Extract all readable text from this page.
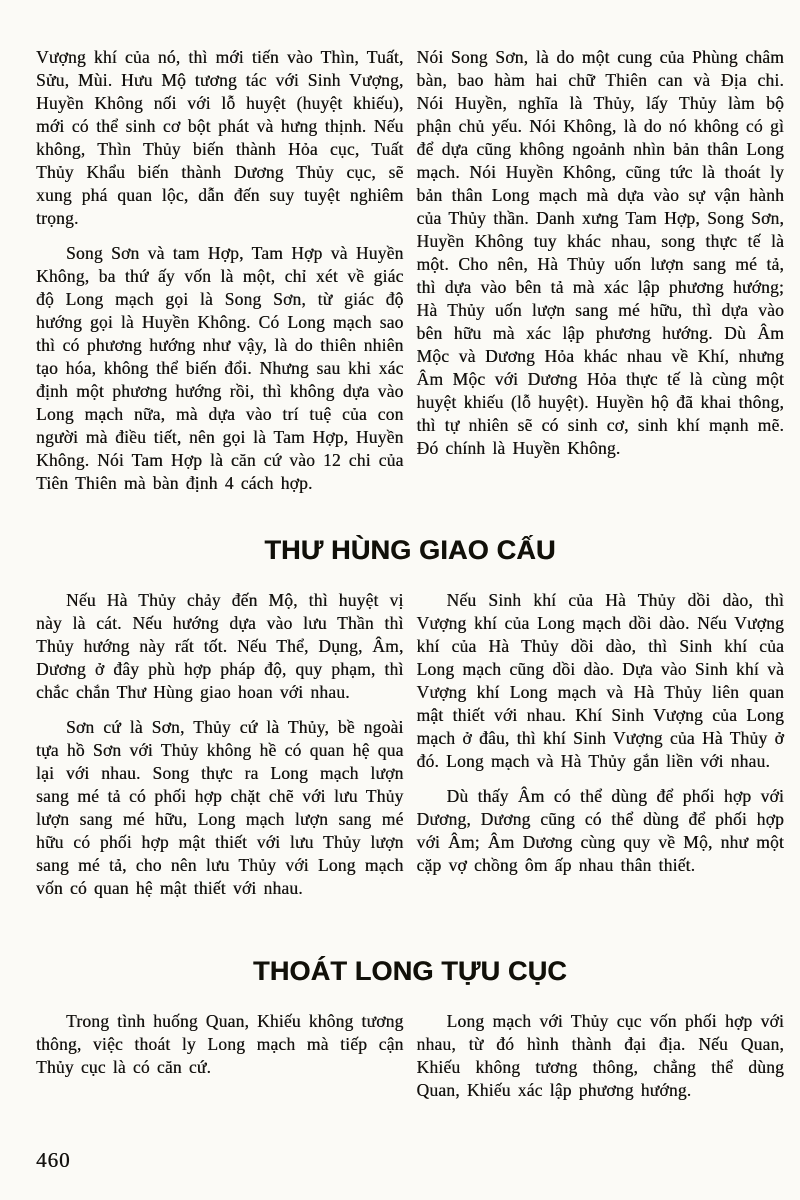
Vượng khí của nó, thì mới tiến vào Thìn, Tuất, Sửu, Mùi. Hưu Mộ tương tác với Sinh Vượng, Huyền Không nối với lỗ huyệt (huyệt khiếu), mới có thể sinh cơ bột phát và hưng thịnh. Nếu không, Thìn Thủy biến thành Hỏa cục, Tuất Thủy Khẩu biến thành Dương Thủy cục, sẽ xung phá quan lộc, dẫn đến suy tuyệt nghiêm trọng.

Song Sơn và tam Hợp, Tam Hợp và Huyền Không, ba thứ ấy vốn là một, chỉ xét về giác độ Long mạch gọi là Song Sơn, từ giác độ hướng gọi là Huyền Không. Có Long mạch sao thì có phương hướng như vậy, là do thiên nhiên tạo hóa, không thể biến đổi. Nhưng sau khi xác định một phương hướng rồi, thì không dựa vào Long mạch nữa, mà dựa vào trí tuệ của con người mà điều tiết, nên gọi là Tam Hợp, Huyền Không. Nói Tam Hợp là căn cứ vào 12 chi của Tiên Thiên mà bàn định 4 cách hợp.

Nói Song Sơn, là do một cung của Phùng châm bàn, bao hàm hai chữ Thiên can và Địa chi. Nói Huyền, nghĩa là Thủy, lấy Thủy làm bộ phận chủ yếu. Nói Không, là do nó không có gì để dựa cũng không ngoảnh nhìn bản thân Long mạch. Nói Huyền Không, cũng tức là thoát ly bản thân Long mạch mà dựa vào sự vận hành của Thủy thần. Danh xưng Tam Hợp, Song Sơn, Huyền Không tuy khác nhau, song thực tế là một. Cho nên, Hà Thủy uốn lượn sang mé tả, thì dựa vào bên tả mà xác lập phương hướng; Hà Thủy uốn lượn sang mé hữu, thì dựa vào bên hữu mà xác lập phương hướng. Dù Âm Mộc và Dương Hỏa khác nhau về Khí, nhưng Âm Mộc với Dương Hỏa thực tế là cùng một huyệt khiếu (lỗ huyệt). Huyền hộ đã khai thông, thì tự nhiên sẽ có sinh cơ, sinh khí mạnh mẽ. Đó chính là Huyền Không.

THƯ HÙNG GIAO CẤU

Nếu Hà Thủy chảy đến Mộ, thì huyệt vị này là cát. Nếu hướng dựa vào lưu Thần thì Thủy hướng này rất tốt. Nếu Thể, Dụng, Âm, Dương ở đây phù hợp pháp độ, quy phạm, thì chắc chắn Thư Hùng giao hoan với nhau.

Sơn cứ là Sơn, Thủy cứ là Thủy, bề ngoài tựa hồ Sơn với Thủy không hề có quan hệ qua lại với nhau. Song thực ra Long mạch lượn sang mé tả có phối hợp chặt chẽ với lưu Thủy lượn sang mé hữu, Long mạch lượn sang mé hữu có phối hợp mật thiết với lưu Thủy lượn sang mé tả, cho nên lưu Thủy với Long mạch vốn có quan hệ mật thiết với nhau.

Nếu Sinh khí của Hà Thủy dồi dào, thì Vượng khí của Long mạch dồi dào. Nếu Vượng khí của Hà Thủy dồi dào, thì Sinh khí của Long mạch cũng dồi dào. Dựa vào Sinh khí và Vượng khí Long mạch và Hà Thủy liên quan mật thiết với nhau. Khí Sinh Vượng của Long mạch ở đâu, thì khí Sinh Vượng của Hà Thủy ở đó. Long mạch và Hà Thủy gắn liền với nhau.

Dù thấy Âm có thể dùng để phối hợp với Dương, Dương cũng có thể dùng để phối hợp với Âm; Âm Dương cùng quy về Mộ, như một cặp vợ chồng ôm ấp nhau thân thiết.

THOÁT LONG TỰU CỤC

Trong tình huống Quan, Khiếu không tương thông, việc thoát ly Long mạch mà tiếp cận Thủy cục là có căn cứ.

Long mạch với Thủy cục vốn phối hợp với nhau, từ đó hình thành đại địa. Nếu Quan, Khiếu không tương thông, chẳng thể dùng Quan, Khiếu xác lập phương hướng.

460
